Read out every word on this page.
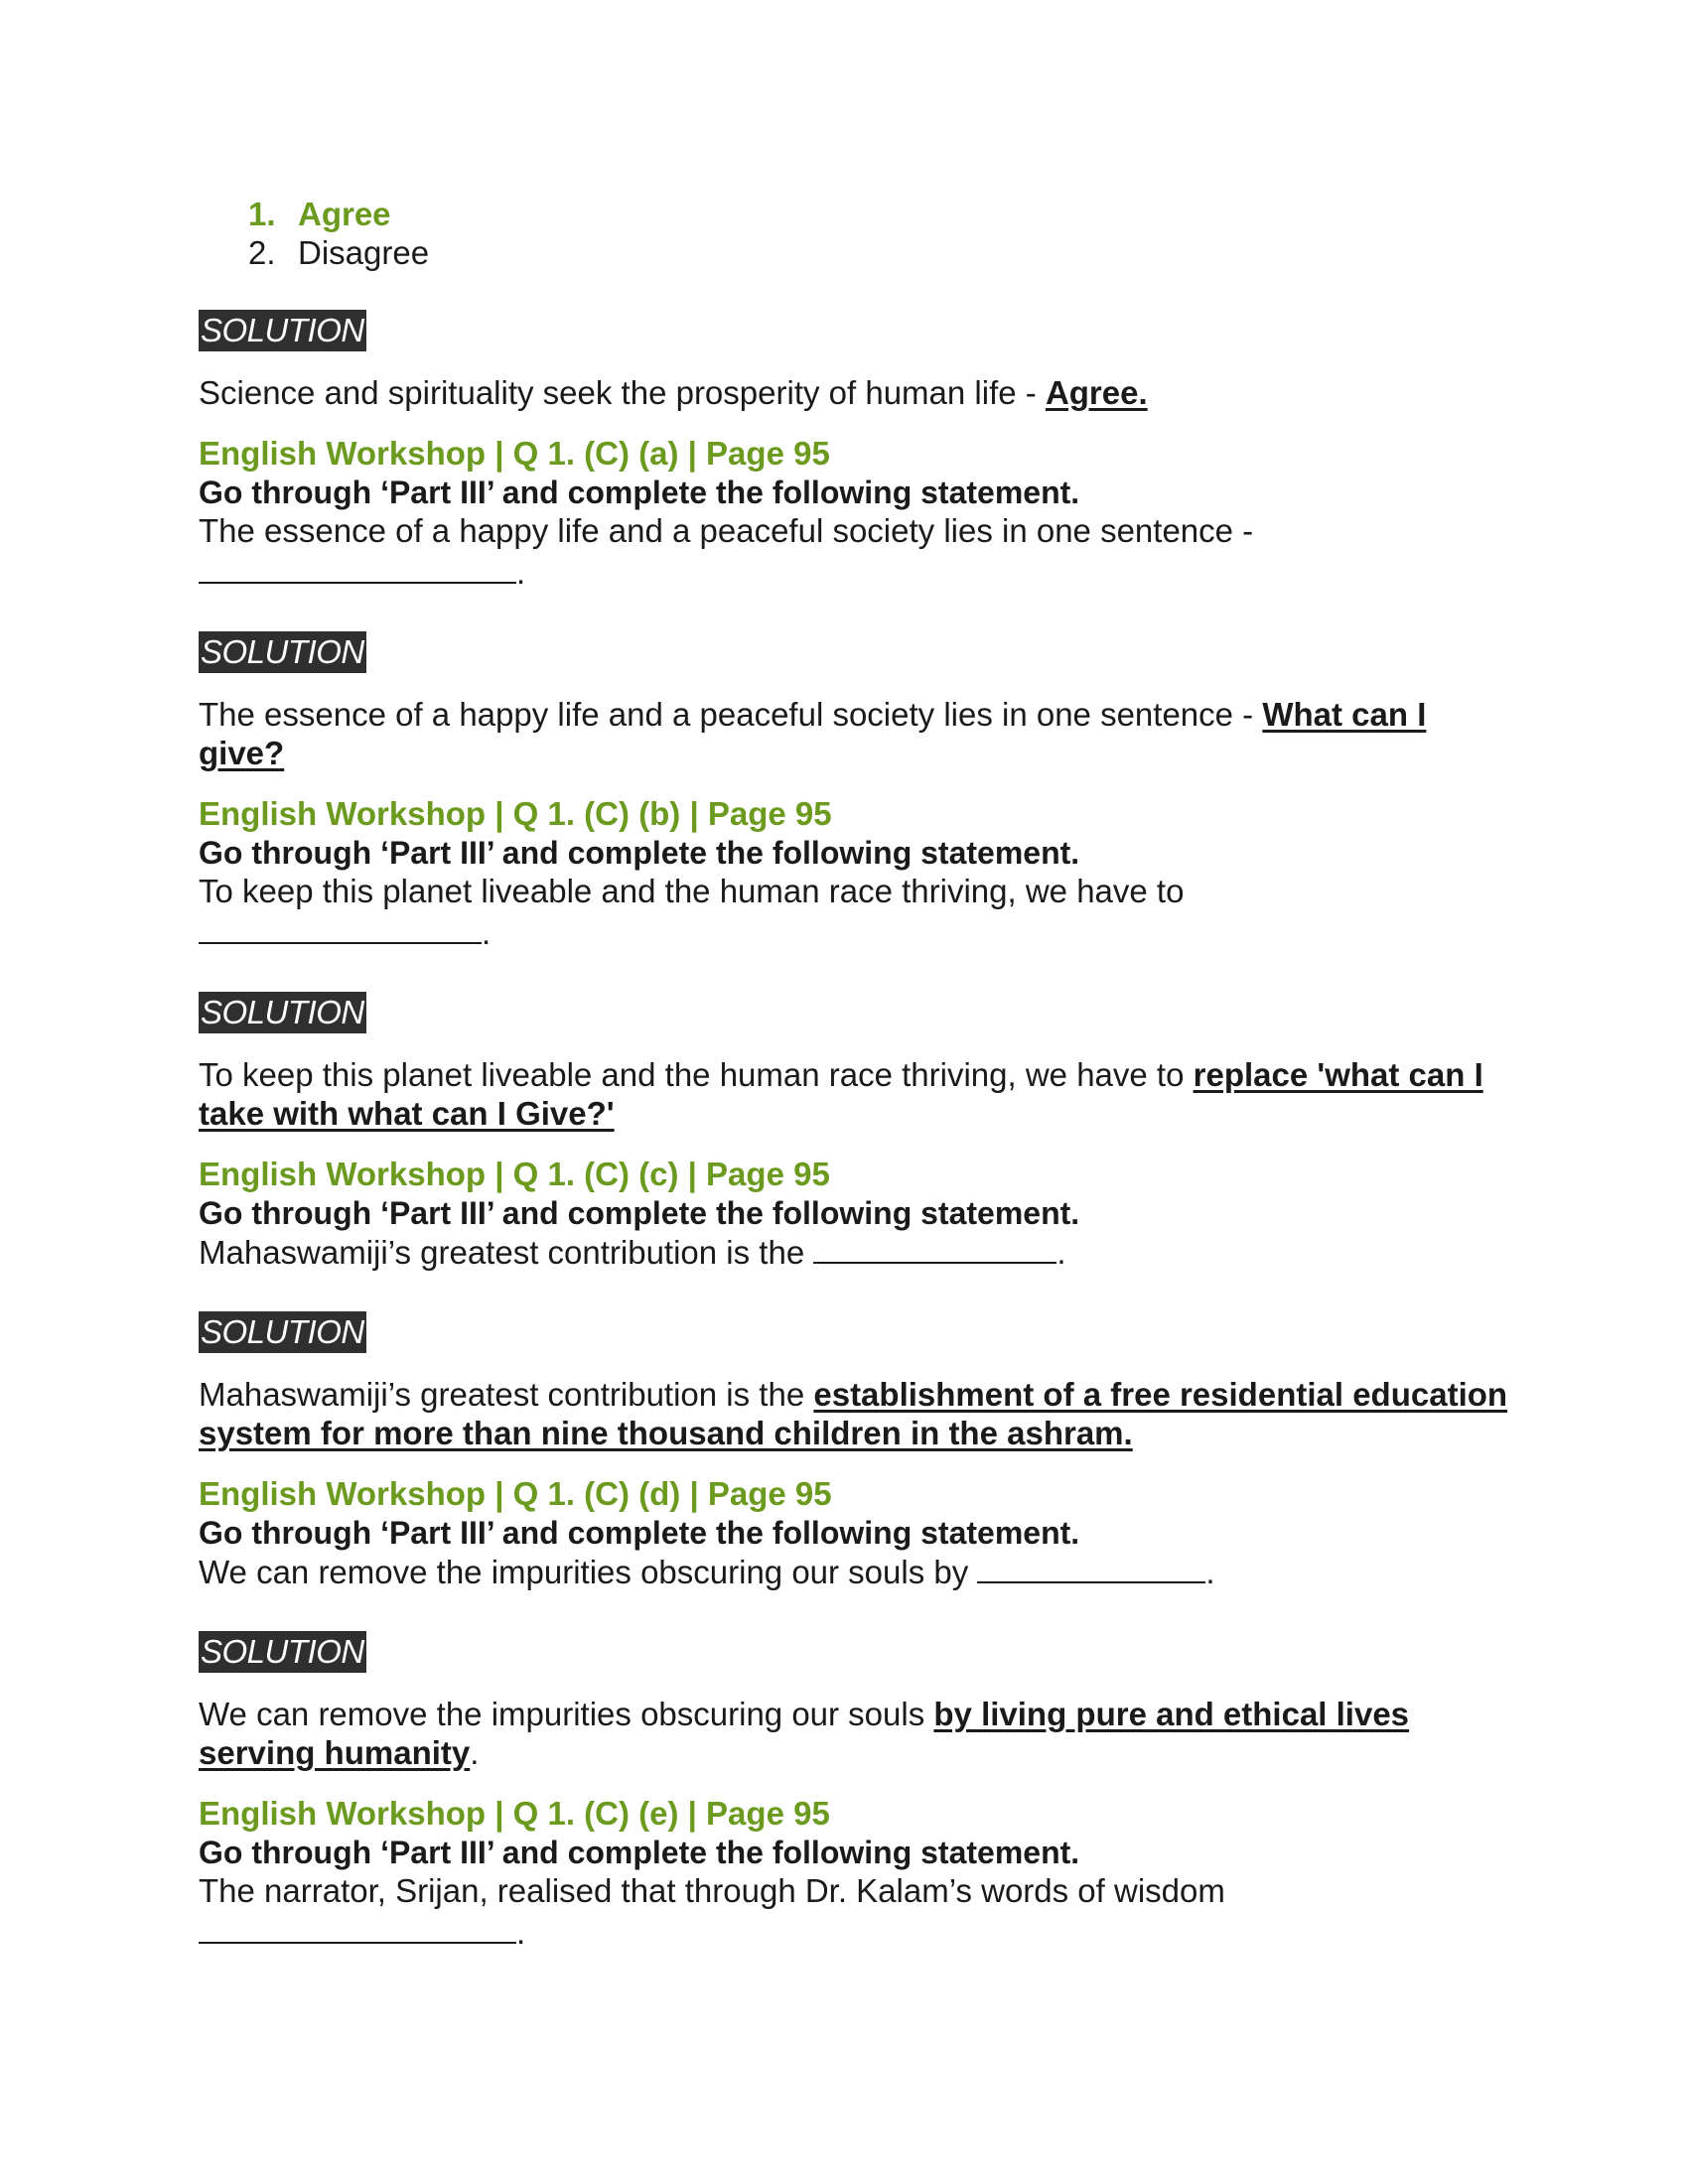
1. Agree
2. Disagree
SOLUTION

Science and spirituality seek the prosperity of human life - Agree.

English Workshop | Q 1. (C) (a) | Page 95

Go through ‘Part III’ and complete the following statement.

The essence of a happy life and a peaceful society lies in one sentence -

.

SOLUTION

The essence of a happy life and a peaceful society lies in one sentence - What can I give?

English Workshop | Q 1. (C) (b) | Page 95

Go through ‘Part III’ and complete the following statement.

To keep this planet liveable and the human race thriving, we have to

.

SOLUTION

To keep this planet liveable and the human race thriving, we have to replace 'what can I take with what can I Give?'

English Workshop | Q 1. (C) (c) | Page 95

Go through ‘Part III’ and complete the following statement.

Mahaswamiji’s greatest contribution is the	.

SOLUTION

Mahaswamiji’s greatest contribution is the establishment of a free residential education system for more than nine thousand children in the ashram.

English Workshop | Q 1. (C) (d) | Page 95

Go through ‘Part III’ and complete the following statement.

We can remove the impurities obscuring our souls by	.

SOLUTION

We can remove the impurities obscuring our souls by living pure and ethical lives serving humanity.

English Workshop | Q 1. (C) (e) | Page 95

Go through ‘Part III’ and complete the following statement.

The narrator, Srijan, realised that through Dr. Kalam’s words of wisdom

.
